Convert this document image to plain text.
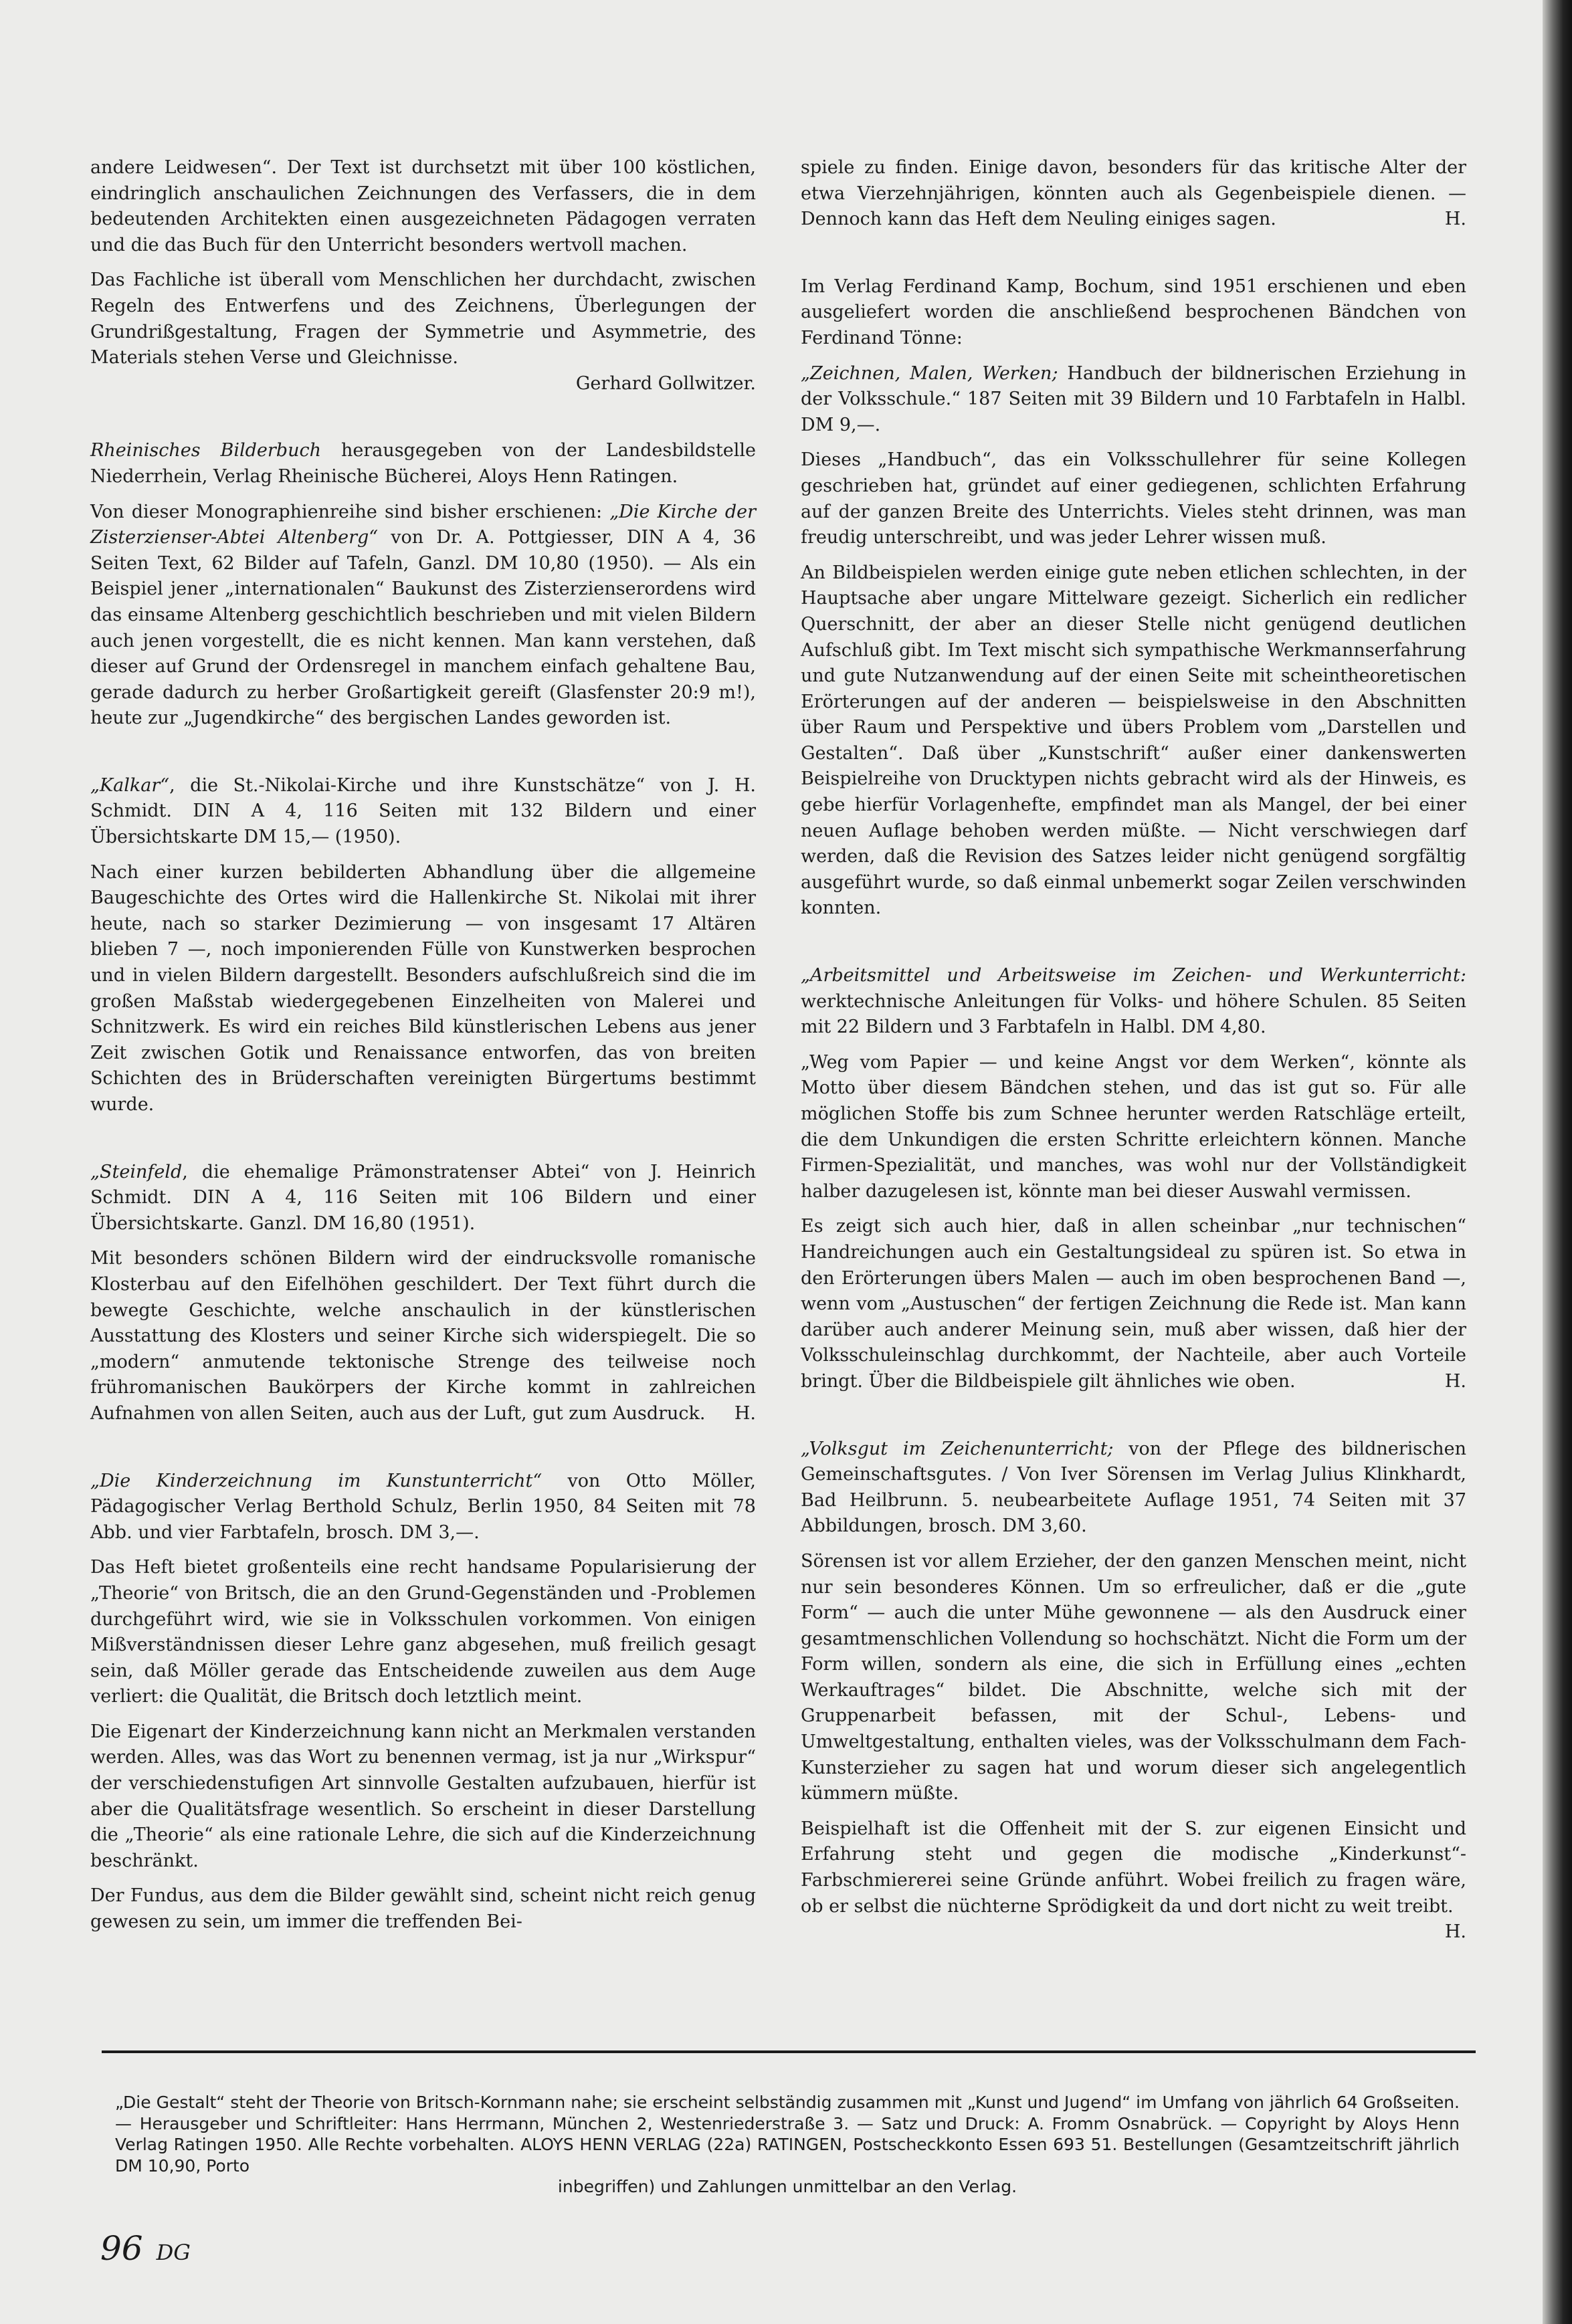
andere Leidwesen“. Der Text ist durchsetzt mit über 100 köstlichen, eindringlich anschaulichen Zeichnungen des Verfassers, die in dem bedeutenden Architekten einen ausgezeichneten Pädagogen verraten und die das Buch für den Unterricht besonders wertvoll machen.

Das Fachliche ist überall vom Menschlichen her durchdacht, zwischen Regeln des Entwerfens und des Zeichnens, Überlegungen der Grundrißgestaltung, Fragen der Symmetrie und Asymmetrie, des Materials stehen Verse und Gleichnisse.

Gerhard Gollwitzer.

Rheinisches Bilderbuch herausgegeben von der Landesbildstelle Niederrhein, Verlag Rheinische Bücherei, Aloys Henn Ratingen.

Von dieser Monographienreihe sind bisher erschienen: „Die Kirche der Zisterzienser-Abtei Altenberg“ von Dr. A. Pottgiesser, DIN A 4, 36 Seiten Text, 62 Bilder auf Tafeln, Ganzl. DM 10,80 (1950). — Als ein Beispiel jener „internationalen“ Baukunst des Zisterzienserordens wird das einsame Altenberg geschichtlich beschrieben und mit vielen Bildern auch jenen vorgestellt, die es nicht kennen. Man kann verstehen, daß dieser auf Grund der Ordensregel in manchem einfach gehaltene Bau, gerade dadurch zu herber Großartigkeit gereift (Glasfenster 20:9 m!), heute zur „Jugendkirche“ des bergischen Landes geworden ist.

„Kalkar“, die St.-Nikolai-Kirche und ihre Kunstschätze“ von J. H. Schmidt. DIN A 4, 116 Seiten mit 132 Bildern und einer Übersichtskarte DM 15,— (1950).

Nach einer kurzen bebilderten Abhandlung über die allgemeine Baugeschichte des Ortes wird die Hallenkirche St. Nikolai mit ihrer heute, nach so starker Dezimierung — von insgesamt 17 Altären blieben 7 —, noch imponierenden Fülle von Kunstwerken besprochen und in vielen Bildern dargestellt. Besonders aufschlußreich sind die im großen Maßstab wiedergegebenen Einzelheiten von Malerei und Schnitzwerk. Es wird ein reiches Bild künstlerischen Lebens aus jener Zeit zwischen Gotik und Renaissance entworfen, das von breiten Schichten des in Brüderschaften vereinigten Bürgertums bestimmt wurde.

„Steinfeld, die ehemalige Prämonstratenser Abtei“ von J. Heinrich Schmidt. DIN A 4, 116 Seiten mit 106 Bildern und einer Übersichtskarte. Ganzl. DM 16,80 (1951).

Mit besonders schönen Bildern wird der eindrucksvolle romanische Klosterbau auf den Eifelhöhen geschildert. Der Text führt durch die bewegte Geschichte, welche anschaulich in der künstlerischen Ausstattung des Klosters und seiner Kirche sich widerspiegelt. Die so „modern“ anmutende tektonische Strenge des teilweise noch frühromanischen Baukörpers der Kirche kommt in zahlreichen Aufnahmen von allen Seiten, auch aus der Luft, gut zum Ausdruck. H.

„Die Kinderzeichnung im Kunstunterricht“ von Otto Möller, Pädagogischer Verlag Berthold Schulz, Berlin 1950, 84 Seiten mit 78 Abb. und vier Farbtafeln, brosch. DM 3,—.

Das Heft bietet großenteils eine recht handsame Popularisierung der „Theorie“ von Britsch, die an den Grund-Gegenständen und -Problemen durchgeführt wird, wie sie in Volksschulen vorkommen. Von einigen Mißverständnissen dieser Lehre ganz abgesehen, muß freilich gesagt sein, daß Möller gerade das Entscheidende zuweilen aus dem Auge verliert: die Qualität, die Britsch doch letztlich meint.

Die Eigenart der Kinderzeichnung kann nicht an Merkmalen verstanden werden. Alles, was das Wort zu benennen vermag, ist ja nur „Wirkspur“ der verschiedenstufigen Art sinnvolle Gestalten aufzubauen, hierfür ist aber die Qualitätsfrage wesentlich. So erscheint in dieser Darstellung die „Theorie“ als eine rationale Lehre, die sich auf die Kinderzeichnung beschränkt.

Der Fundus, aus dem die Bilder gewählt sind, scheint nicht reich genug gewesen zu sein, um immer die treffenden Bei-

spiele zu finden. Einige davon, besonders für das kritische Alter der etwa Vierzehnjährigen, könnten auch als Gegenbeispiele dienen. — Dennoch kann das Heft dem Neuling einiges sagen.	H.

Im Verlag Ferdinand Kamp, Bochum, sind 1951 erschienen und eben ausgeliefert worden die anschließend besprochenen Bändchen von Ferdinand Tönne:

„Zeichnen, Malen, Werken; Handbuch der bildnerischen Erziehung in der Volksschule.“ 187 Seiten mit 39 Bildern und 10 Farbtafeln in Halbl. DM 9,—.

Dieses „Handbuch“, das ein Volksschullehrer für seine Kollegen geschrieben hat, gründet auf einer gediegenen, schlichten Erfahrung auf der ganzen Breite des Unterrichts. Vieles steht drinnen, was man freudig unterschreibt, und was jeder Lehrer wissen muß.

An Bildbeispielen werden einige gute neben etlichen schlechten, in der Hauptsache aber ungare Mittelware gezeigt. Sicherlich ein redlicher Querschnitt, der aber an dieser Stelle nicht genügend deutlichen Aufschluß gibt. Im Text mischt sich sympathische Werkmannserfahrung und gute Nutzanwendung auf der einen Seite mit scheintheoretischen Erörterungen auf der anderen — beispielsweise in den Abschnitten über Raum und Perspektive und übers Problem vom „Darstellen und Gestalten“. Daß über „Kunstschrift“ außer einer dankenswerten Beispielreihe von Drucktypen nichts gebracht wird als der Hinweis, es gebe hierfür Vorlagenhefte, empfindet man als Mangel, der bei einer neuen Auflage behoben werden müßte. — Nicht verschwiegen darf werden, daß die Revision des Satzes leider nicht genügend sorgfältig ausgeführt wurde, so daß einmal unbemerkt sogar Zeilen verschwinden konnten.

„Arbeitsmittel und Arbeitsweise im Zeichen- und Werkunterricht: werktechnische Anleitungen für Volks- und höhere Schulen. 85 Seiten mit 22 Bildern und 3 Farbtafeln in Halbl. DM 4,80.

„Weg vom Papier — und keine Angst vor dem Werken“, könnte als Motto über diesem Bändchen stehen, und das ist gut so. Für alle möglichen Stoffe bis zum Schnee herunter werden Ratschläge erteilt, die dem Unkundigen die ersten Schritte erleichtern können. Manche Firmen-Spezialität, und manches, was wohl nur der Vollständigkeit halber dazugelesen ist, könnte man bei dieser Auswahl vermissen.

Es zeigt sich auch hier, daß in allen scheinbar „nur technischen“ Handreichungen auch ein Gestaltungsideal zu spüren ist. So etwa in den Erörterungen übers Malen — auch im oben besprochenen Band —, wenn vom „Austuschen“ der fertigen Zeichnung die Rede ist. Man kann darüber auch anderer Meinung sein, muß aber wissen, daß hier der Volksschuleinschlag durchkommt, der Nachteile, aber auch Vorteile bringt. Über die Bildbeispiele gilt ähnliches wie oben.	H.

„Volksgut im Zeichenunterricht; von der Pflege des bildnerischen Gemeinschaftsgutes. / Von Iver Sörensen im Verlag Julius Klinkhardt, Bad Heilbrunn. 5. neubearbeitete Auflage 1951, 74 Seiten mit 37 Abbildungen, brosch. DM 3,60.

Sörensen ist vor allem Erzieher, der den ganzen Menschen meint, nicht nur sein besonderes Können. Um so erfreulicher, daß er die „gute Form“ — auch die unter Mühe gewonnene — als den Ausdruck einer gesamtmenschlichen Vollendung so hochschätzt. Nicht die Form um der Form willen, sondern als eine, die sich in Erfüllung eines „echten Werkauftrages“ bildet. Die Abschnitte, welche sich mit der Gruppenarbeit befassen, mit der Schul-, Lebens- und Umweltgestaltung, enthalten vieles, was der Volksschulmann dem Fach-Kunsterzieher zu sagen hat und worum dieser sich angelegentlich kümmern müßte.

Beispielhaft ist die Offenheit mit der S. zur eigenen Einsicht und Erfahrung steht und gegen die modische „Kinderkunst“-Farbschmiererei seine Gründe anführt. Wobei freilich zu fragen wäre, ob er selbst die nüchterne Sprödigkeit da und dort nicht zu weit treibt.
H.

„Die Gestalt“ steht der Theorie von Britsch-Kornmann nahe; sie erscheint selbständig zusammen mit „Kunst und Jugend“ im Umfang von jährlich 64 Großseiten. — Herausgeber und Schriftleiter: Hans Herrmann, München 2, Westenriederstraße 3. — Satz und Druck: A. Fromm Osnabrück. — Copyright by Aloys Henn Verlag Ratingen 1950. Alle Rechte vorbehalten. ALOYS HENN VERLAG (22a) RATINGEN, Postscheckkonto Essen 693 51. Bestellungen (Gesamtzeitschrift jährlich DM 10,90, Porto
inbegriffen) und Zahlungen unmittelbar an den Verlag.
96 DG
